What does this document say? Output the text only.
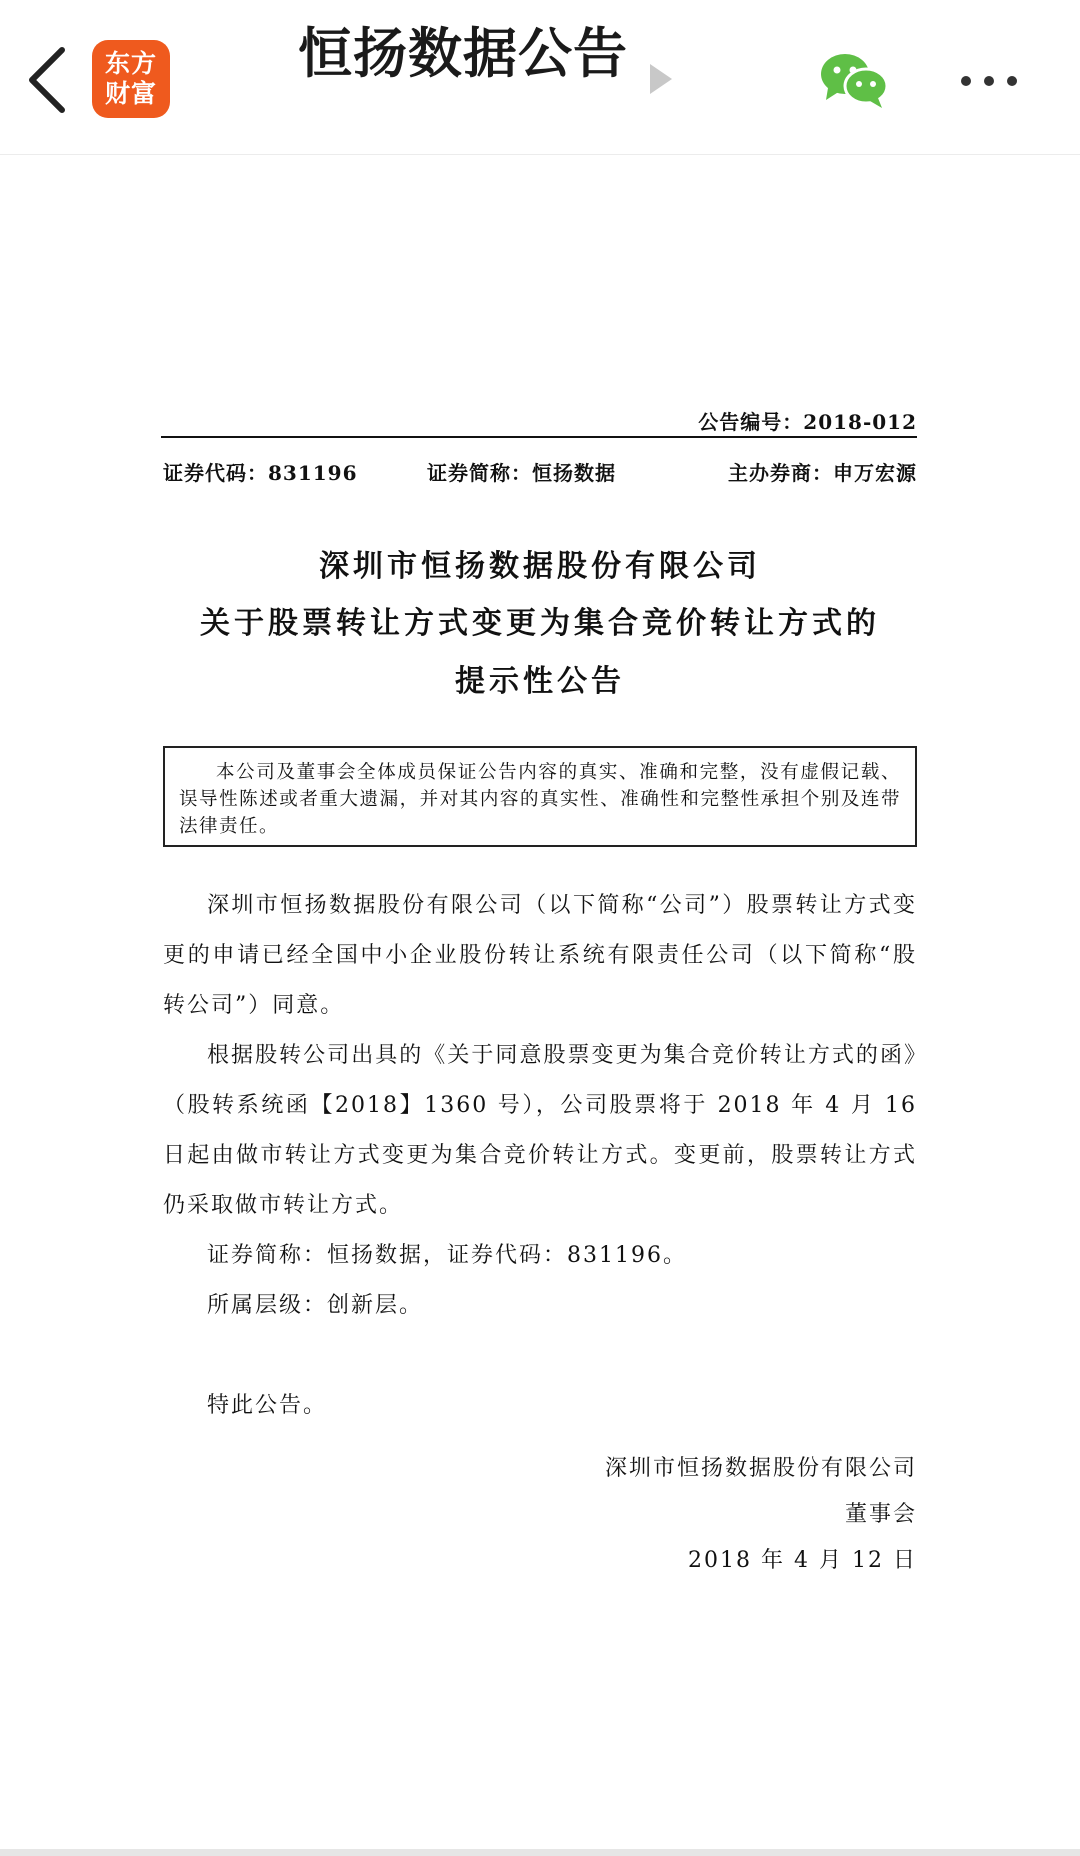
东方
财富
恒扬数据公告
公告编号：2018-012
证券代码：831196	证券简称：恒扬数据	主办券商：申万宏源
深圳市恒扬数据股份有限公司
关于股票转让方式变更为集合竞价转让方式的
提示性公告

本公司及董事会全体成员保证公告内容的真实、准确和完整，没有虚假记载、误导性陈述或者重大遗漏，并对其内容的真实性、准确性和完整性承担个别及连带法律责任。

深圳市恒扬数据股份有限公司（以下简称“公司”）股票转让方式变更的申请已经全国中小企业股份转让系统有限责任公司（以下简称“股转公司”）同意。

根据股转公司出具的《关于同意股票变更为集合竞价转让方式的函》（股转系统函【2018】1360 号），公司股票将于 2018 年 4 月 16 日起由做市转让方式变更为集合竞价转让方式。变更前，股票转让方式仍采取做市转让方式。

证券简称：恒扬数据，证券代码：831196。

所属层级：创新层。

特此公告。

深圳市恒扬数据股份有限公司
董事会
2018 年 4 月 12 日
